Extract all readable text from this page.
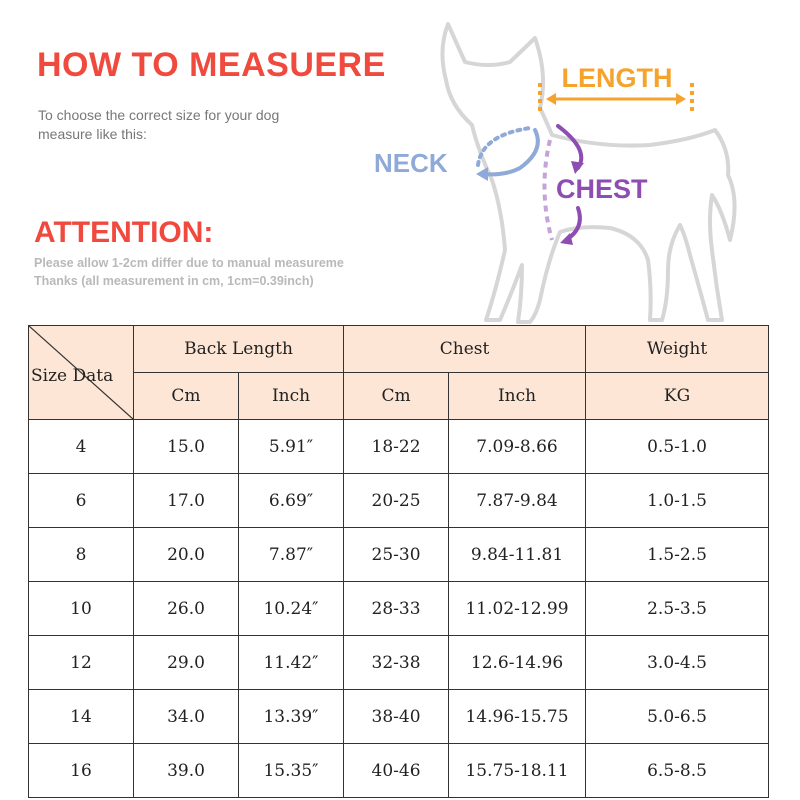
HOW TO MEASUERE
To choose the correct size for your dog
measure like this:
ATTENTION:
Please allow 1-2cm differ due to manual measureme
Thanks (all measurement in cm, 1cm=0.39inch)
LENGTH
NECK
CHEST
Size Data	Back Length		Chest		Weight
	Cm	Inch	Cm	Inch	KG
4	15.0	5.91″	18-22	7.09-8.66	0.5-1.0
6	17.0	6.69″	20-25	7.87-9.84	1.0-1.5
8	20.0	7.87″	25-30	9.84-11.81	1.5-2.5
10	26.0	10.24″	28-33	11.02-12.99	2.5-3.5
12	29.0	11.42″	32-38	12.6-14.96	3.0-4.5
14	34.0	13.39″	38-40	14.96-15.75	5.0-6.5
16	39.0	15.35″	40-46	15.75-18.11	6.5-8.5
